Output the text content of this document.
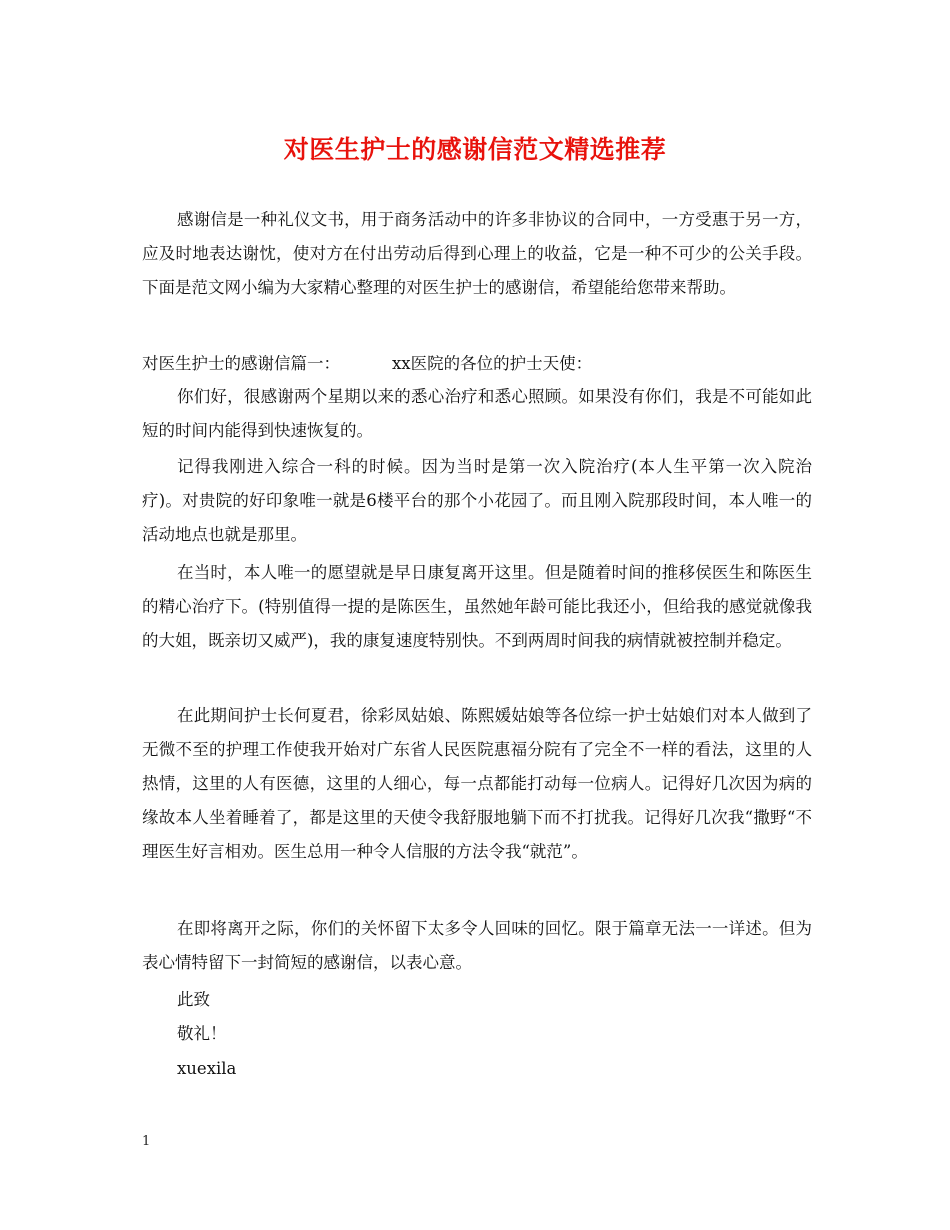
对医生护士的感谢信范文精选推荐

感谢信是一种礼仪文书，用于商务活动中的许多非协议的合同中，一方受惠于另一方，应及时地表达谢忱，使对方在付出劳动后得到心理上的收益，它是一种不可少的公关手段。下面是范文网小编为大家精心整理的对医生护士的感谢信，希望能给您带来帮助。

对医生护士的感谢信篇一：	xx医院的各位的护士天使：

你们好，很感谢两个星期以来的悉心治疗和悉心照顾。如果没有你们，我是不可能如此短的时间内能得到快速恢复的。

记得我刚进入综合一科的时候。因为当时是第一次入院治疗(本人生平第一次入院治疗)。对贵院的好印象唯一就是6楼平台的那个小花园了。而且刚入院那段时间，本人唯一的活动地点也就是那里。

在当时，本人唯一的愿望就是早日康复离开这里。但是随着时间的推移侯医生和陈医生的精心治疗下。(特别值得一提的是陈医生，虽然她年龄可能比我还小，但给我的感觉就像我的大姐，既亲切又威严)，我的康复速度特别快。不到两周时间我的病情就被控制并稳定。

在此期间护士长何夏君，徐彩凤姑娘、陈熙媛姑娘等各位综一护士姑娘们对本人做到了无微不至的护理工作使我开始对广东省人民医院惠福分院有了完全不一样的看法，这里的人热情，这里的人有医德，这里的人细心，每一点都能打动每一位病人。记得好几次因为病的缘故本人坐着睡着了，都是这里的天使令我舒服地躺下而不打扰我。记得好几次我“撒野“不理医生好言相劝。医生总用一种令人信服的方法令我“就范”。

在即将离开之际，你们的关怀留下太多令人回味的回忆。限于篇章无法一一详述。但为表心情特留下一封简短的感谢信，以表心意。

此致

敬礼！

xuexila

1
